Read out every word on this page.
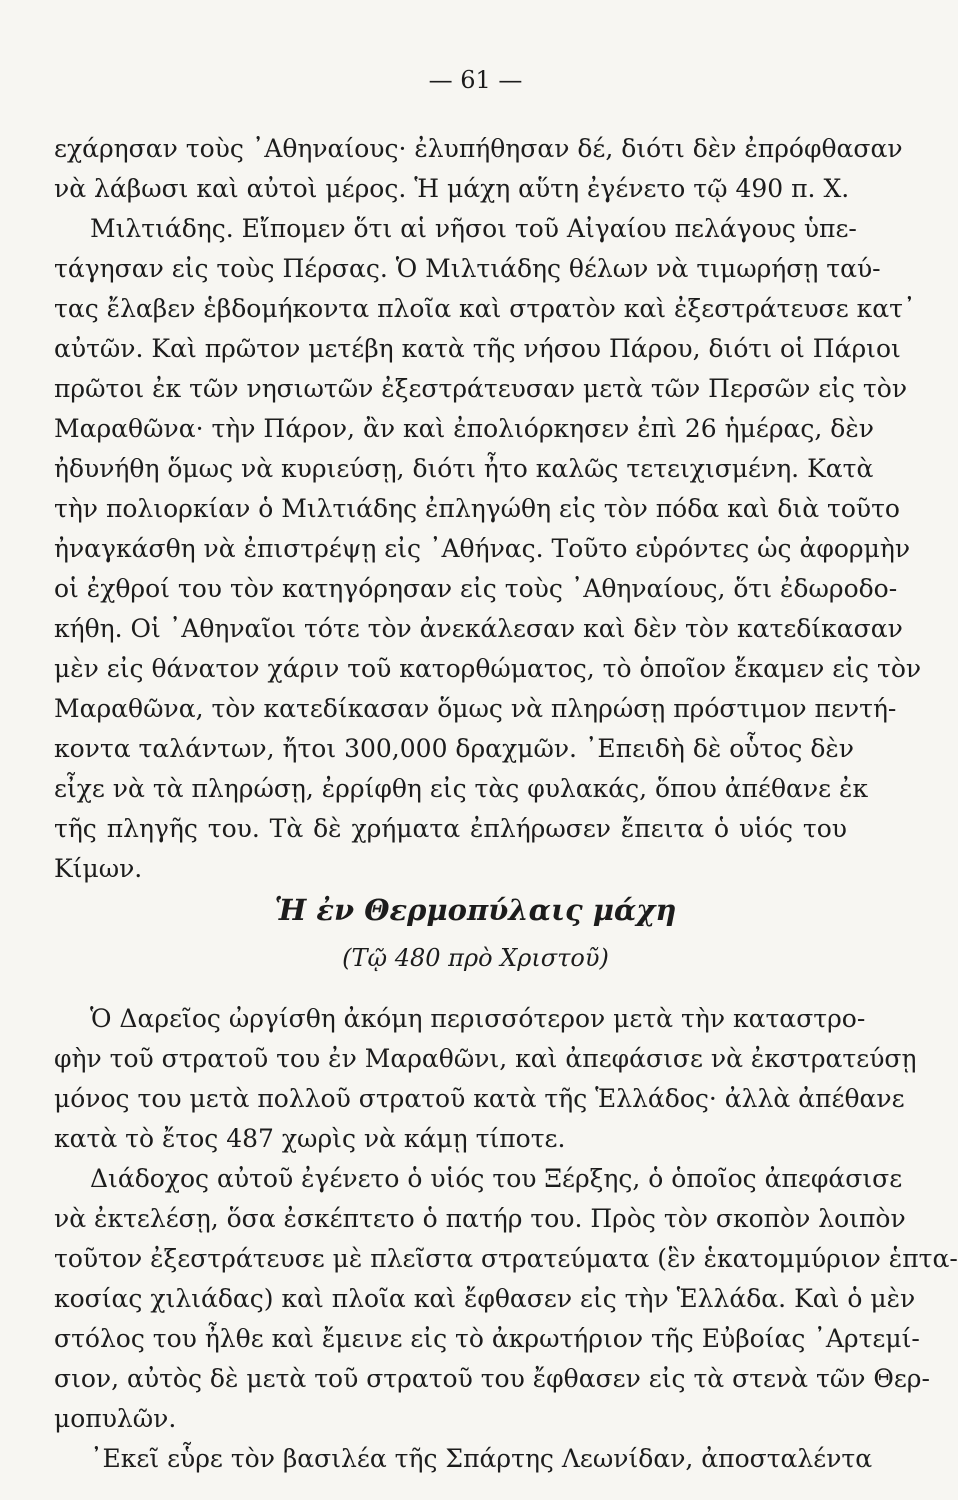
— 61 —
εχάρησαν τοὺς ᾿Αθηναίους· ἐλυπήθησαν δέ, διότι δὲν ἐπρόφθασαν
νὰ λάβωσι καὶ αὐτοὶ μέρος. Ἡ μάχη αὕτη ἐγένετο τῷ 490 π. Χ.
Μιλτιάδης. Εἴπομεν ὅτι αἱ νῆσοι τοῦ Αἰγαίου πελάγους ὑπε-
τάγησαν εἰς τοὺς Πέρσας. Ὁ Μιλτιάδης θέλων νὰ τιμωρήσῃ ταύ-
τας ἔλαβεν ἑβδομήκοντα πλοῖα καὶ στρατὸν καὶ ἐξεστράτευσε κατ᾿
αὐτῶν. Καὶ πρῶτον μετέβη κατὰ τῆς νήσου Πάρου, διότι οἱ Πάριοι
πρῶτοι ἐκ τῶν νησιωτῶν ἐξεστράτευσαν μετὰ τῶν Περσῶν εἰς τὸν
Μαραθῶνα· τὴν Πάρον, ἂν καὶ ἐπολιόρκησεν ἐπὶ 26 ἡμέρας, δὲν
ἠδυνήθη ὅμως νὰ κυριεύσῃ, διότι ἦτο καλῶς τετειχισμένη. Κατὰ
τὴν πολιορκίαν ὁ Μιλτιάδης ἐπληγώθη εἰς τὸν πόδα καὶ διὰ τοῦτο
ἠναγκάσθη νὰ ἐπιστρέψῃ εἰς ᾿Αθήνας. Τοῦτο εὑρόντες ὡς ἀφορμὴν
οἱ ἐχθροί του τὸν κατηγόρησαν εἰς τοὺς ᾿Αθηναίους, ὅτι ἐδωροδο-
κήθη. Οἱ ᾿Αθηναῖοι τότε τὸν ἀνεκάλεσαν καὶ δὲν τὸν κατεδίκασαν
μὲν εἰς θάνατον χάριν τοῦ κατορθώματος, τὸ ὁποῖον ἔκαμεν εἰς τὸν
Μαραθῶνα, τὸν κατεδίκασαν ὅμως νὰ πληρώσῃ πρόστιμον πεντή-
κοντα ταλάντων, ἤτοι 300,000 δραχμῶν. ᾿Επειδὴ δὲ οὗτος δὲν
εἶχε νὰ τὰ πληρώσῃ, ἐρρίφθη εἰς τὰς φυλακάς, ὅπου ἀπέθανε ἐκ
τῆς πληγῆς του. Τὰ δὲ χρήματα ἐπλήρωσεν ἔπειτα ὁ υἱός του
Κίμων.
Ἡ ἐν Θερμοπύλαις μάχη
(Τῷ 480 πρὸ Χριστοῦ)
Ὁ Δαρεῖος ὠργίσθη ἀκόμη περισσότερον μετὰ τὴν καταστρο-
φὴν τοῦ στρατοῦ του ἐν Μαραθῶνι, καὶ ἀπεφάσισε νὰ ἐκστρατεύσῃ
μόνος του μετὰ πολλοῦ στρατοῦ κατὰ τῆς Ἑλλάδος· ἀλλὰ ἀπέθανε
κατὰ τὸ ἔτος 487 χωρὶς νὰ κάμῃ τίποτε.
Διάδοχος αὐτοῦ ἐγένετο ὁ υἱός του Ξέρξης, ὁ ὁποῖος ἀπεφάσισε
νὰ ἐκτελέσῃ, ὅσα ἐσκέπτετο ὁ πατήρ του. Πρὸς τὸν σκοπὸν λοιπὸν
τοῦτον ἐξεστράτευσε μὲ πλεῖστα στρατεύματα (ἓν ἑκατομμύριον ἑπτα-
κοσίας χιλιάδας) καὶ πλοῖα καὶ ἔφθασεν εἰς τὴν Ἑλλάδα. Καὶ ὁ μὲν
στόλος του ἦλθε καὶ ἔμεινε εἰς τὸ ἀκρωτήριον τῆς Εὐβοίας ᾿Αρτεμί-
σιον, αὐτὸς δὲ μετὰ τοῦ στρατοῦ του ἔφθασεν εἰς τὰ στενὰ τῶν Θερ-
μοπυλῶν.
᾿Εκεῖ εὗρε τὸν βασιλέα τῆς Σπάρτης Λεωνίδαν, ἀποσταλέντα
